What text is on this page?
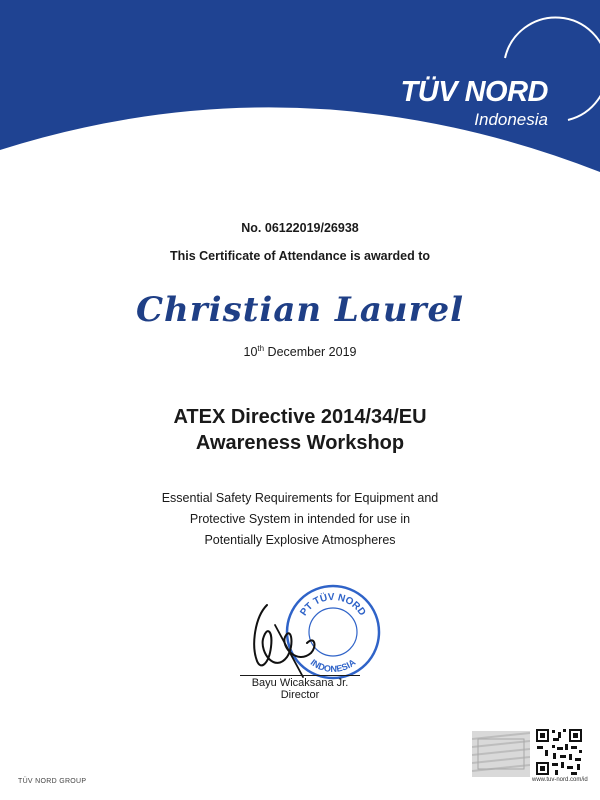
TÜV NORD
Indonesia
No. 06122019/26938
This Certificate of Attendance is awarded to
Christian Laurel
10th December 2019
ATEX Directive 2014/34/EU
Awareness Workshop
Essential Safety Requirements for Equipment and
Protective System in intended for use in
Potentially Explosive Atmospheres
PT TÜV NORD
INDONESIA
Bayu Wicaksana Jr.
Director
www.tuv-nord.com/id
TÜV NORD GROUP
